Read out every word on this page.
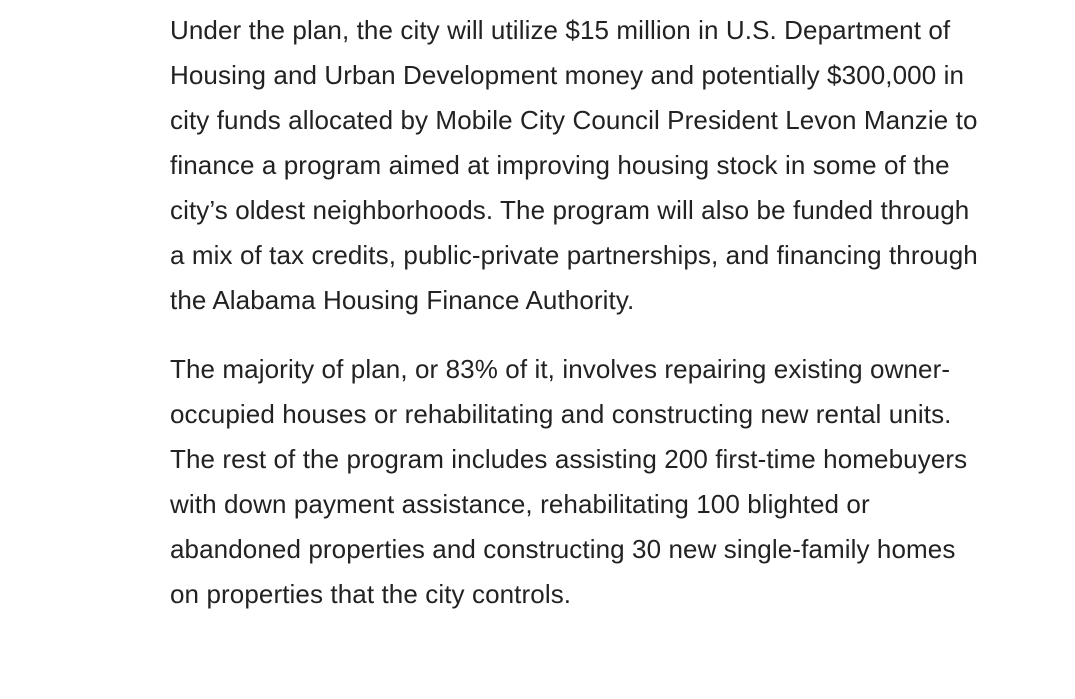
Under the plan, the city will utilize $15 million in U.S. Department of Housing and Urban Development money and potentially $300,000 in city funds allocated by Mobile City Council President Levon Manzie to finance a program aimed at improving housing stock in some of the city’s oldest neighborhoods. The program will also be funded through a mix of tax credits, public-private partnerships, and financing through the Alabama Housing Finance Authority.

The majority of plan, or 83% of it, involves repairing existing owner-occupied houses or rehabilitating and constructing new rental units. The rest of the program includes assisting 200 first-time homebuyers with down payment assistance, rehabilitating 100 blighted or abandoned properties and constructing 30 new single-family homes on properties that the city controls.
